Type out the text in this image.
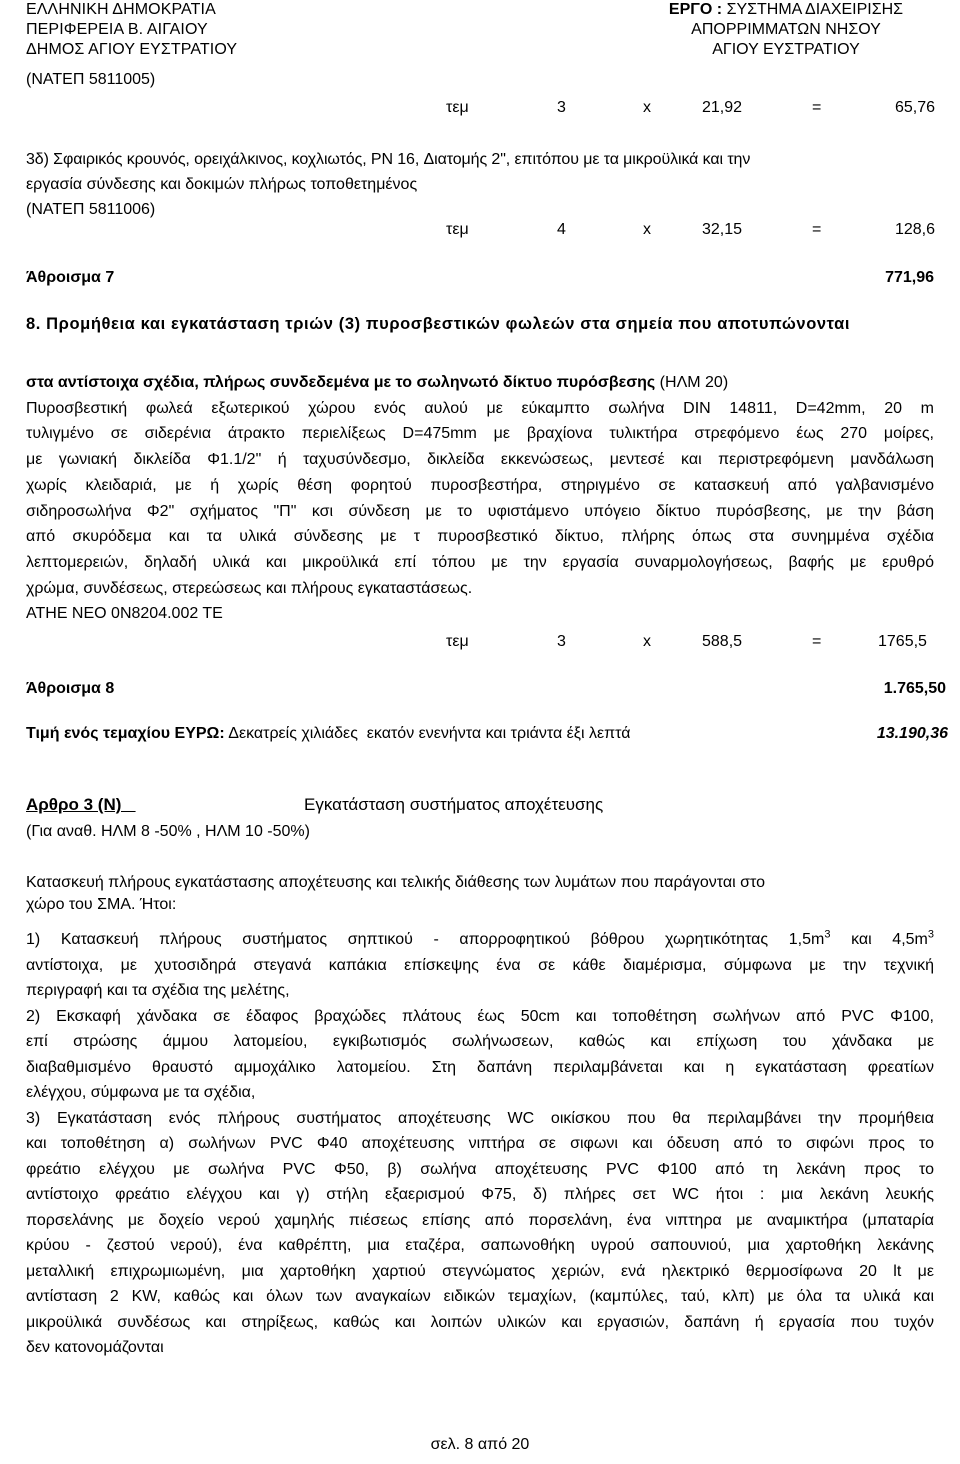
ΕΛΛΗΝΙΚΗ ΔΗΜΟΚΡΑΤΙΑ
ΠΕΡΙΦΕΡΕΙΑ Β. ΑΙΓΑΙΟΥ
ΔΗΜΟΣ ΑΓΙΟΥ ΕΥΣΤΡΑΤΙΟΥ
ΕΡΓΟ : ΣΥΣΤΗΜΑ ΔΙΑΧΕΙΡΙΣΗΣ
ΑΠΟΡΡΙΜΜΑΤΩΝ ΝΗΣΟΥ
ΑΓΙΟΥ ΕΥΣΤΡΑΤΙΟΥ
(ΝΑΤΕΠ 5811005)
τεμ	3	x	21,92	=	65,76
3δ) Σφαιρικός κρουνός, ορειχάλκινος, κοχλιωτός, PN 16, Διατομής 2", επιτόπου με τα μικροϋλικά και την
εργασία σύνδεσης και δοκιμών πλήρως τοποθετημένος
(ΝΑΤΕΠ 5811006)
τεμ	4	x	32,15	=	128,6
Άθροισμα 7	771,96
8. Προμήθεια και εγκατάσταση τριών (3) πυροσβεστικών φωλεών στα σημεία που αποτυπώνονται
στα αντίστοιχα σχέδια, πλήρως συνδεδεμένα με το σωληνωτό δίκτυο πυρόσβεσης (ΗΛΜ 20)
Πυροσβεστική φωλεά εξωτερικού χώρου ενός αυλού με εύκαμπτο σωλήνα DIN 14811, D=42mm, 20 m
τυλιγμένο σε σιδερένια άτρακτο περιελίξεως D=475mm με βραχίονα τυλικτήρα στρεφόμενο έως 270 μοίρες,
με γωνιακή δικλείδα Φ1.1/2" ή ταχυσύνδεσμο, δικλείδα εκκενώσεως, μεντεσέ και περιστρεφόμενη μανδάλωση
χωρίς κλειδαριά, με ή χωρίς θέση φορητού πυροσβεστήρα, στηριγμένο σε κατασκευή από γαλβανισμένο
σιδηροσωλήνα Φ2" σχήματος "Π" κσι σύνδεση με το υφιστάμενο υπόγειο δίκτυο πυρόσβεσης, με την βάση
από σκυρόδεμα και τα υλικά σύνδεσης με τ πυροσβεστικό δίκτυο, πλήρης όπως στα συνημμένα σχέδια
λεπτομερειών, δηλαδή υλικά και μικροϋλικά επί τόπου με την εργασία συναρμολογήσεως, βαφής με ερυθρό
χρώμα, συνδέσεως, στερεώσεως και πλήρους εγκαταστάσεως.
ΑΤΗΕ ΝΕΟ 0Ν8204.002 ΤΕ
τεμ	3	x	588,5	=	1765,5
Άθροισμα 8	1.765,50
Τιμή ενός τεμαχίου ΕΥΡΩ: Δεκατρείς χιλιάδες  εκατόν ενενήντα και τριάντα έξι λεπτά	13.190,36
Αρθρο 3 (Ν)	Εγκατάσταση συστήματος αποχέτευσης
(Για αναθ. ΗΛΜ 8 -50% , ΗΛΜ 10 -50%)
Κατασκευή πλήρους εγκατάστασης αποχέτευσης και τελικής διάθεσης των λυμάτων που παράγονται στο
χώρο του ΣΜΑ. Ήτοι:
1) Κατασκευή πλήρους συστήματος σηπτικού - απορροφητικού βόθρου χωρητικότητας $1,5m^3$ και $4,5m^3$
αντίστοιχα, με χυτοσιδηρά στεγανά καπάκια επίσκεψης ένα σε κάθε διαμέρισμα, σύμφωνα με την τεχνική
περιγραφή και τα σχέδια της μελέτης,
2) Εκσκαφή χάνδακα σε έδαφος βραχώδες πλάτους έως 50cm και τοποθέτηση σωλήνων από PVC Φ100,
επί στρώσης άμμου λατομείου, εγκιβωτισμός σωλήνωσεων, καθώς και επίχωση του χάνδακα με
διαβαθμισμένο θραυστό αμμοχάλικο λατομείου. Στη δαπάνη περιλαμβάνεται και η εγκατάσταση φρεατίων
ελέγχου, σύμφωνα με τα σχέδια,
3) Εγκατάσταση ενός πλήρους συστήματος αποχέτευσης WC οικίσκου που θα περιλαμβάνει την προμήθεια
και τοποθέτηση α) σωλήνων PVC Φ40 αποχέτευσης νιπτήρα σε σιφωνι και όδευση από το σιφώνι προς το
φρεάτιο ελέγχου με σωλήνα PVC Φ50, β) σωλήνα αποχέτευσης PVC Φ100 από τη λεκάνη προς το
αντίστοιχο φρεάτιο ελέγχου και γ) στήλη εξαερισμού Φ75, δ) πλήρες σετ WC ήτοι : μια λεκάνη λευκής
πορσελάνης με δοχείο νερού χαμηλής πιέσεως επίσης από πορσελάνη, ένα νιπτηρα με αναμικτήρα (μπαταρία
κρύου - ζεστού νερού), ένα καθρέπτη, μια εταζέρα, σαπωνοθήκη υγρού σαπουνιού, μια χαρτοθήκη λεκάνης
μεταλλική επιχρωμιωμένη, μια χαρτοθήκη χαρτιού στεγνώματος χεριών, ενά ηλεκτρικό θερμοσίφωνα 20 lt με
αντίσταση 2 KW, καθώς και όλων των αναγκαίων ειδικών τεμαχίων, (καμπύλες, ταύ, κλπ) με όλα τα υλικά και
μικροϋλικά συνδέσως και στηρίξεως, καθώς και λοιπών υλικών και εργασιών, δαπάνη ή εργασία που τυχόν
δεν κατονομάζονται
σελ. 8 από 20
